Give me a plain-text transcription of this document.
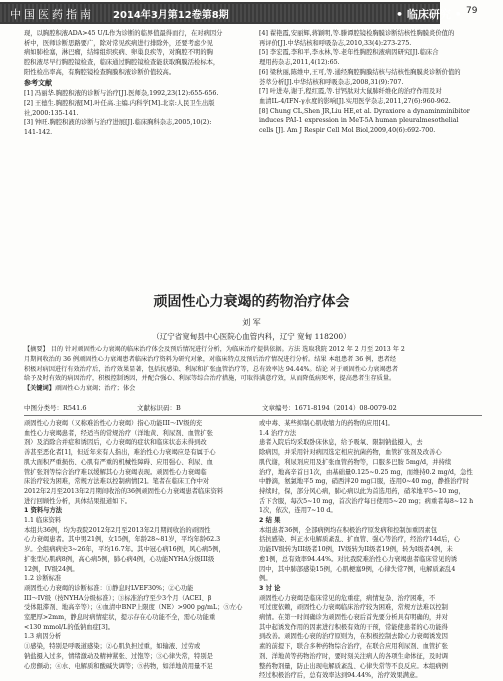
中国医药指南 2014年3月第12卷第8期	• 临床研究 • 79
现，以胸腔积液ADA>45 U/L作为诊断的临界值最得而行，在对病因分
析中，医师诊断思路要广，除对常见疾病进行排除外，还要考虑少见
病如肺栓塞，淋巴瘤，结缔组织疾病、卵巢良疾等，对胸腔不明的胸
腔积液尽早行胸腔镜检查，临床通过胸腔镜检查能获取胸膜活检标本，
阳性检出率高，有胸腔镜检查胸膜积液诊断价值较高。
参考文献
[1] 冯丽华.胸腔积液的诊断与治疗[J].医师杂,1992,23(12):655-656.
[2] 王德生.胸腔积液[M].叶任高.主编.内科学[M].北京:人民卫生出版
社,2000:135-141.
[3] 钟旺.胸腔积液的诊断与治疗进展[J].临床胸科杂志,2005,10(2):
141-142.
[4] 翟艳霞,安丽辉,蒋颖明,等.滕谭腔镜检胸膜诊断结核性胸膜炎价值的
再评价[J].中华结核和呼吸杂志,2010,33(4):273-275.
[5] 李宏霞,李和平,李永林,等.老年性胸腔积液病因研究[J].临床合
理用药杂志,2011,4(12):65.
[6] 梁秋丽,陈维中,王可,等.通经胸腔胸膜结核与结核性胸膜炎诊断价值的
荟萃分析[J].中华结核和呼吸杂志,2008,31(9):707.
[7] 叶进寿,谢于,程红霞,等.甘钙肽对大鼠肺纤维化的治疗作用及对
血清IL-4/IFN-γ水度的影响[J].实用医学杂志,2011,27(6):960-962.
[8] Chung CL,Shen JR,Liu HE,et al. Dyraxiore a dynaminminibitor
induces PAI-1 expression in MeT-5A human pleuralmesothelial
cells [J]. Am J Respir Cell Mol Biol,2009,40(6):692-700.
顽固性心力衰竭的药物治疗体会
刘 军
（辽宁省宽甸县中心医院心血管内科，辽宁 宽甸 118200）
【摘要】 目的 针对顽固性心力衰竭的临床治疗体会及预后情况进行分析，为临床治疗提供依据。方法 选取我院 2012 年 2 月至 2013 年 2
月期间收治的 36 例顽固性心力衰竭患者临床治疗资料为研究对象，对临床特点及预后治疗情况进行分析。结果 本组患者 36 例，患者经
积极对病因进行有效治疗后，治疗效果显著，包括抗感染、利尿和扩张血管治疗等，总有效率达 94.44%。结论 对于顽固性心力衰竭患者
给予及时有效的病因治疗，积极控制诱因，并配合强心、利尿等综合治疗措施，可取得满意疗效，从而降低病死率，提高患者生存质量。
【关键词】顽固性心力衰竭；治疗；体会
中图分类号：R541.6	文献标识码：B	文章编号：1671-8194（2014）08-0079-02
顽固性心力衰竭（又称难治性心力衰竭）指心功能III～IV级的充
血性心力衰竭患者，经适当的常规治疗（洋地黄、利尿剂、血管扩张
剂）及消除合并症和诱因后，心力衰竭的症状和临床状态未得到改
善甚至恶化者[1]，但近年来有人指出，难治性心力衰竭应是有属于心
肌大面积严重损伤、心肌有严重的机械性障碍、应用强心、利尿、血
管扩张剂等综合治疗难以缓解其心力衰竭表现。顽固性心力衰竭临
床治疗较为困难，常规方法难以控制病情[2]。笔者在临床工作中对
2012年2月至2013年2月期间收治的36例顽固性心力衰竭患者临床资料
进行回顾性分析，具体结果报道如下。
1 资料与方法
1.1 临床资料
本组共36例，均为我院2012年2月至2013年2月期间收治的顽固性
心力衰竭患者。其中男21例，女15例，年龄28~81岁，平均年龄62.3
岁。全组病病史3~26年，平均16.7年。其中冠心病16例，风心病5例，
扩张型心肌病8例，高心病5例，肺心病4例，心功能NYHA分级III级
12例，IV级24例。
1.2 诊断标准
顽固性心力衰竭的诊断标准：①静息时LVEF30%；②心功能
III～IV级（按NYHA分级标准）；③标准治疗至少3个月（ACEI、β
受体阻滞剂、地高辛等）；④血清中BNP上限度（NE）>900 pg/mL；⑤左心
室肥厚>2mm，静息时病情症状，提示存在心功能不全，需心功能重
<130 mmol/L的低钠血症[3]。
1.3 病因分析
①感染，特别是呼吸道感染；②心肌负担过重，如输液、过劳或
钠盐摄入过多，情绪激动及精神紧张、过饱等；③心律失常，特别是
心房颤动；④水、电解质和酸碱失调等；⑤药物，如洋地黄用量不足
或中毒、某些抑制心肌收缩力的药物的应用[4]。
1.4 治疗方法
患者入院后均采取卧床休息，给予吸氧、限制钠盐摄入，去
除病因，并采用针对病因选定相应抗菌药物，血管扩张剂及改善心
肌代谢，利尿剂应用及扩张血管药物等，口服多巴胺 5mg/d，并持续
治疗，地高辛首日1次，由基础量0.125~0.25 mg，而维持0.2 mg/d，急性
中静滴，氨氯地平5 mg，硝西泮20 mg口服，连用0~40 mg，静推治疗时
持续时，保，部分风心病，肺心病以此为首选用药，硝苯地平5~10 mg，
舌下含服，每次5~10 mg，首次治疗每日使用5~20 mg；病重者每8~12 h
1次，依次，连用7~10 d。
2 结 果
本组患者36例，全部病例均在积极治疗原发病和控制加重因素包
括抗感染、纠正水电解质紊乱、扩血管、强心等治疗，经治疗14d后，心
功能IV级转为III级者10例，IV级转为II级者19例，转为I级者4例，未
愈1例，总有效率94.44%。对比我院难治性心力衰竭患者临床常见的诱
因中，其中肺部感染15例，心肌梗塞9例，心律失常7例，电解质紊乱4
例。
3 讨 论
顽固性心力衰竭是临床常见的危重症，病情复杂、治疗困难，不
可过度依赖，顽固性心力衰竭临床治疗较为困难，常规方法难以控制
病情。在第一时间确诊为顽固性心衰后首先要分析具有明确的，并对
其中起诱发作用的因素进行积极有效的干预，常能使患者的心功能得
到改善。顽固性心衰的治疗原则为，在积极控制去除心力衰竭诱发因
素的前提下，联合多种药物综合治疗，在联合应用利尿剂、血管扩张
剂、洋地黄等药物治疗时，要时刻关注病人的各项生命体征，及时调
整药物剂量，防止出现电解质紊乱、心律失常等不良反应。本组病例
经过积极治疗后，总有效率达到94.44%，治疗效果满意。
